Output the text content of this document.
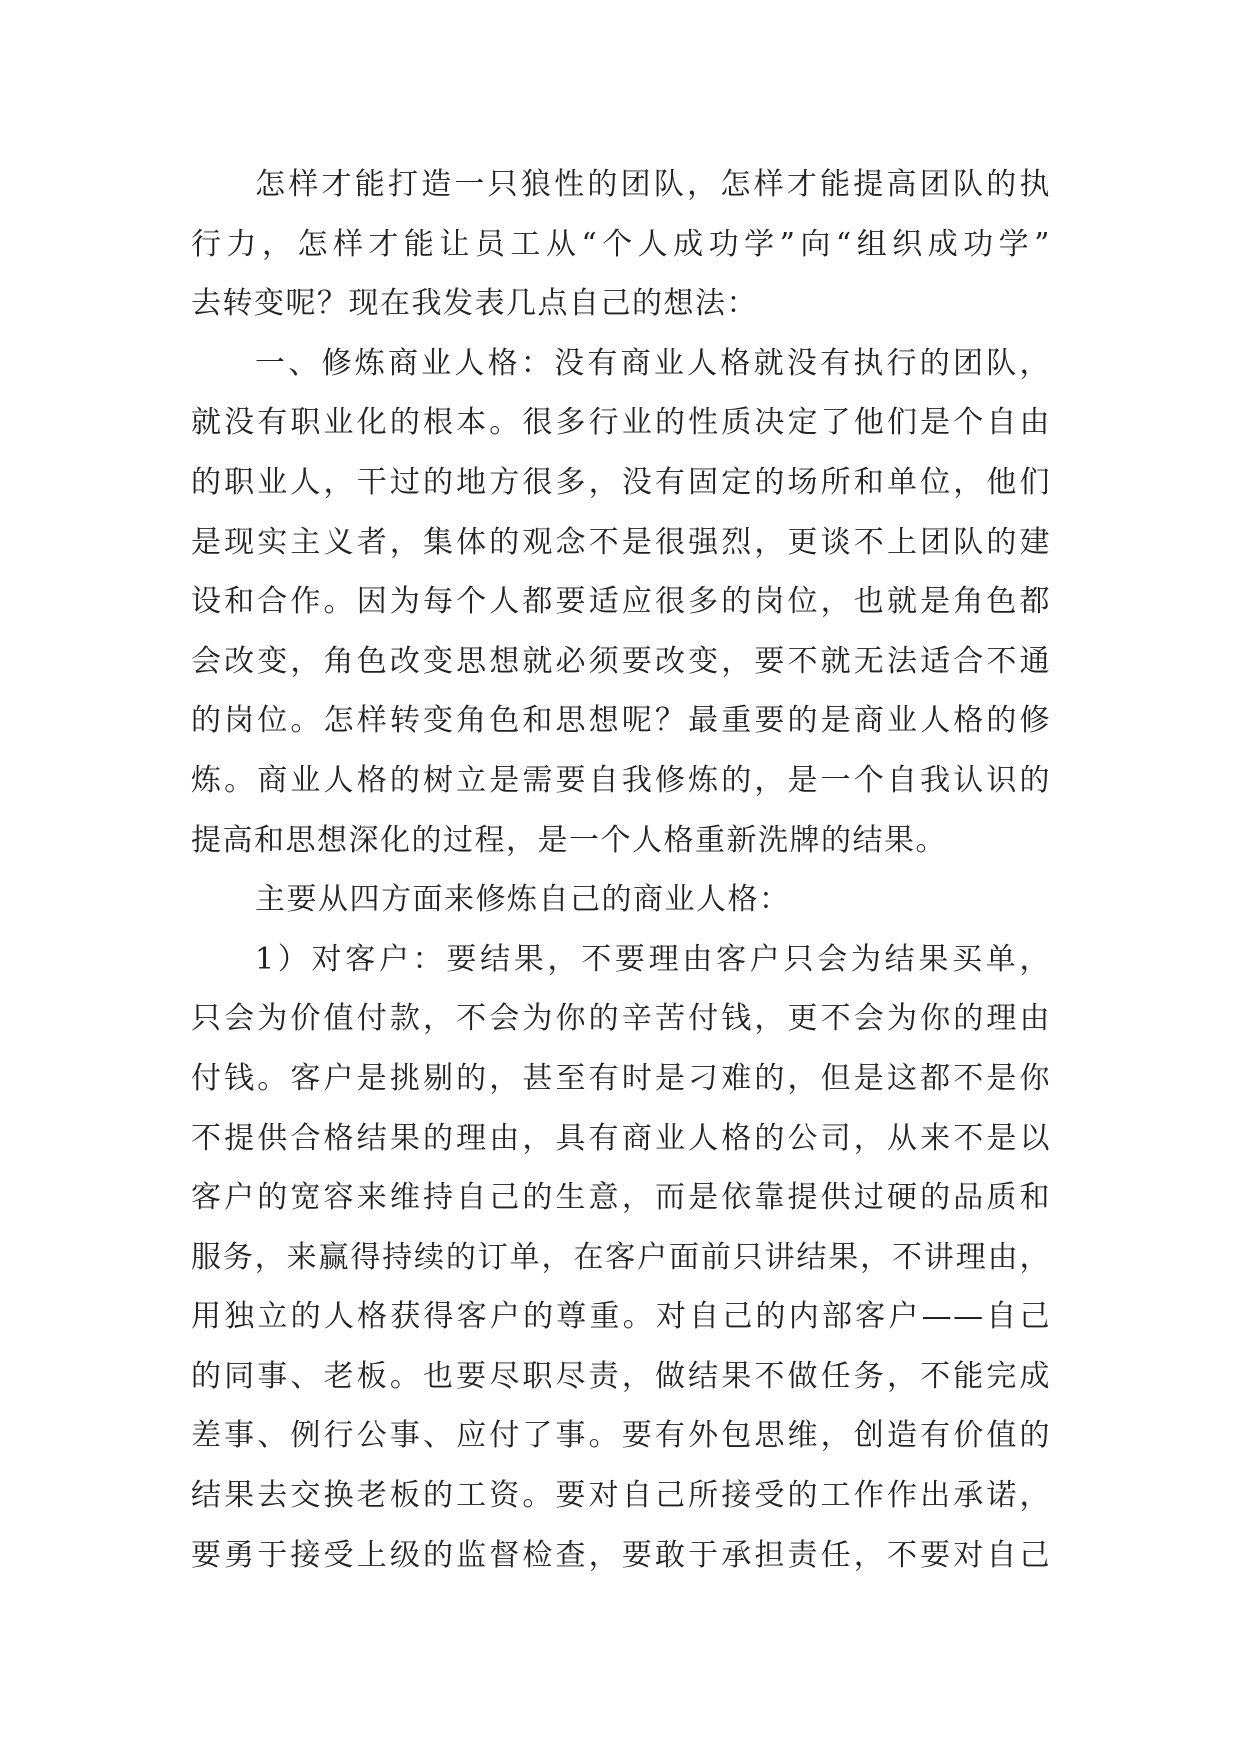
怎样才能打造一只狼性的团队，怎样才能提高团队的执
行力，怎样才能让员工从“个人成功学”向“组织成功学”
去转变呢？现在我发表几点自己的想法：
一、修炼商业人格：没有商业人格就没有执行的团队，
就没有职业化的根本。很多行业的性质决定了他们是个自由
的职业人，干过的地方很多，没有固定的场所和单位，他们
是现实主义者，集体的观念不是很强烈，更谈不上团队的建
设和合作。因为每个人都要适应很多的岗位，也就是角色都
会改变，角色改变思想就必须要改变，要不就无法适合不通
的岗位。怎样转变角色和思想呢？最重要的是商业人格的修
炼。商业人格的树立是需要自我修炼的，是一个自我认识的
提高和思想深化的过程，是一个人格重新洗牌的结果。
主要从四方面来修炼自己的商业人格：
1）对客户：要结果，不要理由客户只会为结果买单，
只会为价值付款，不会为你的辛苦付钱，更不会为你的理由
付钱。客户是挑剔的，甚至有时是刁难的，但是这都不是你
不提供合格结果的理由，具有商业人格的公司，从来不是以
客户的宽容来维持自己的生意，而是依靠提供过硬的品质和
服务，来赢得持续的订单，在客户面前只讲结果，不讲理由，
用独立的人格获得客户的尊重。对自己的内部客户——自己
的同事、老板。也要尽职尽责，做结果不做任务，不能完成
差事、例行公事、应付了事。要有外包思维，创造有价值的
结果去交换老板的工资。要对自己所接受的工作作出承诺，
要勇于接受上级的监督检查，要敢于承担责任，不要对自己
